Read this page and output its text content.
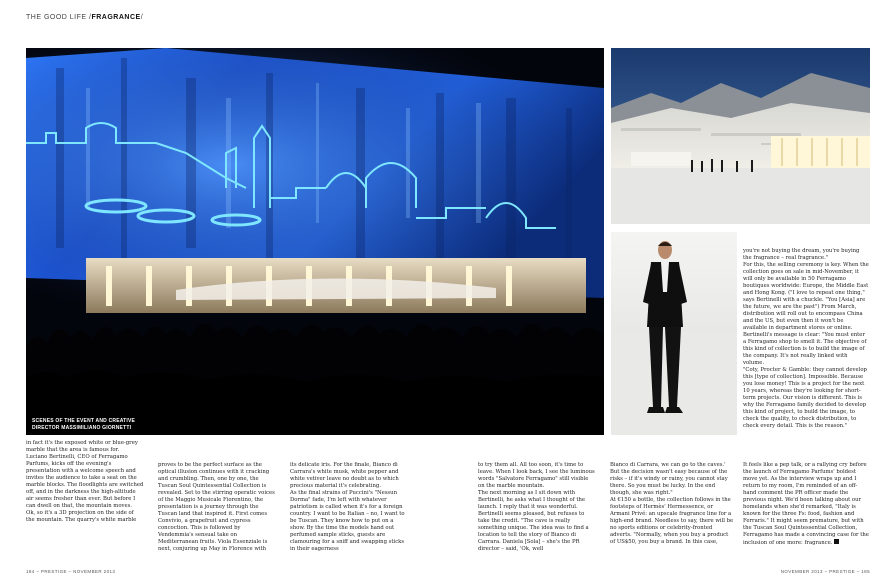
THE GOOD LIFE /FRAGRANCE/
SCENES OF THE EVENT AND CREATIVE DIRECTOR MASSIMILIANO GIORNETTI

in fact it's the exposed white or blue-grey marble that the area is famous for.

Luciano Bertinelli, CEO of Ferragamo Parfums, kicks off the evening's presentation with a welcome speech and invites the audience to take a seat on the marble blocks. The floodlights are switched off, and in the darkness the high-altitude air seems fresher than ever. But before I can dwell on that, the mountain moves.

Ok, so it's a 3D projection on the side of the mountain. The quarry's white marble

proves to be the perfect surface as the optical illusion continues with it cracking and crumbling. Then, one by one, the Tuscan Soul Quintessential Collection is revealed. Set to the stirring operatic voices of the Maggio Musicale Fiorentino, the presentation is a journey through the Tuscan land that inspired it. First comes Convivio, a grapefruit and cypress concoction. This is followed by Vendemmia's sensual take on Mediterranean fruits. Viola Essenziale is next, conjuring up May in Florence with

its delicate iris. For the finale, Bianco di Carrara's white musk, white pepper and white vetiver leave no doubt as to which precious material it's celebrating.

As the final strains of Puccini's "Nessun Dorma" fade, I'm left with whatever patriotism is called when it's for a foreign country. I want to be Italian – no, I want to be Tuscan. They know how to put on a show. By the time the models hand out perfumed sample sticks, guests are clamouring for a sniff and swapping sticks in their eagerness

to try them all. All too soon, it's time to leave. When I look back, I see the luminous words "Salvatore Ferragamo" still visible on the marble mountain.

The next morning as I sit down with Bertinelli, he asks what I thought of the launch. I reply that it was wonderful. Bertinelli seems pleased, but refuses to take the credit. "The cave is really something unique. The idea was to find a location to tell the story of Bianco di Carrara. Daniela [Sola] – she's the PR director – said, 'Ok, well

Bianco di Carrara, we can go to the caves.' But the decision wasn't easy because of the risks – if it's windy or rainy, you cannot stay there. So you must be lucky. In the end though, she was right."

At €150 a bottle, the collection follows in the footsteps of Hermès' Hermessence, or Armani Privé: an upscale fragrance line for a high-end brand. Needless to say, there will be no sports editions or celebrity-fronted adverts. "Normally, when you buy a product of US$50, you buy a brand. In this case,

you're not buying the dream, you're buying the fragrance – real fragrance."

For this, the selling ceremony is key. When the collection goes on sale in mid-November, it will only be available in 50 Ferragamo boutiques worldwide: Europe, the Middle East and Hong Kong. ("I love to repeat one thing," says Bertinelli with a chuckle. "You [Asia] are the future, we are the past") From March, distribution will roll out to encompass China and the US, but even then it won't be available in department stores or online. Bertinelli's message is clear: "You must enter a Ferragamo shop to smell it. The objective of this kind of collection is to build the image of the company. It's not really linked with volume.

"Coty, Procter & Gamble: they cannot develop this [type of collection]. Impossible. Because you lose money! This is a project for the next 10 years, whereas they're looking for short-term projects. Our vision is different. This is why the Ferragamo family decided to develop this kind of project, to build the image, to check the quality, to check distribution, to check every detail. This is the reason."

It feels like a pep talk, or a rallying cry before the launch of Ferragamo Parfums' boldest move yet. As the interview wraps up and I return to my room, I'm reminded of an off-hand comment the PR officer made the previous night. We'd been talking about our homelands when she'd remarked, "Italy is known for the three Fs: food, fashion and Ferraris." It might seem premature, but with the Tuscan Soul Quintessential Collection, Ferragamo has made a convincing case for the inclusion of one more: fragrance.

184 – PRESTIGE – NOVEMBER 2013	NOVEMBER 2013 – PRESTIGE – 185
